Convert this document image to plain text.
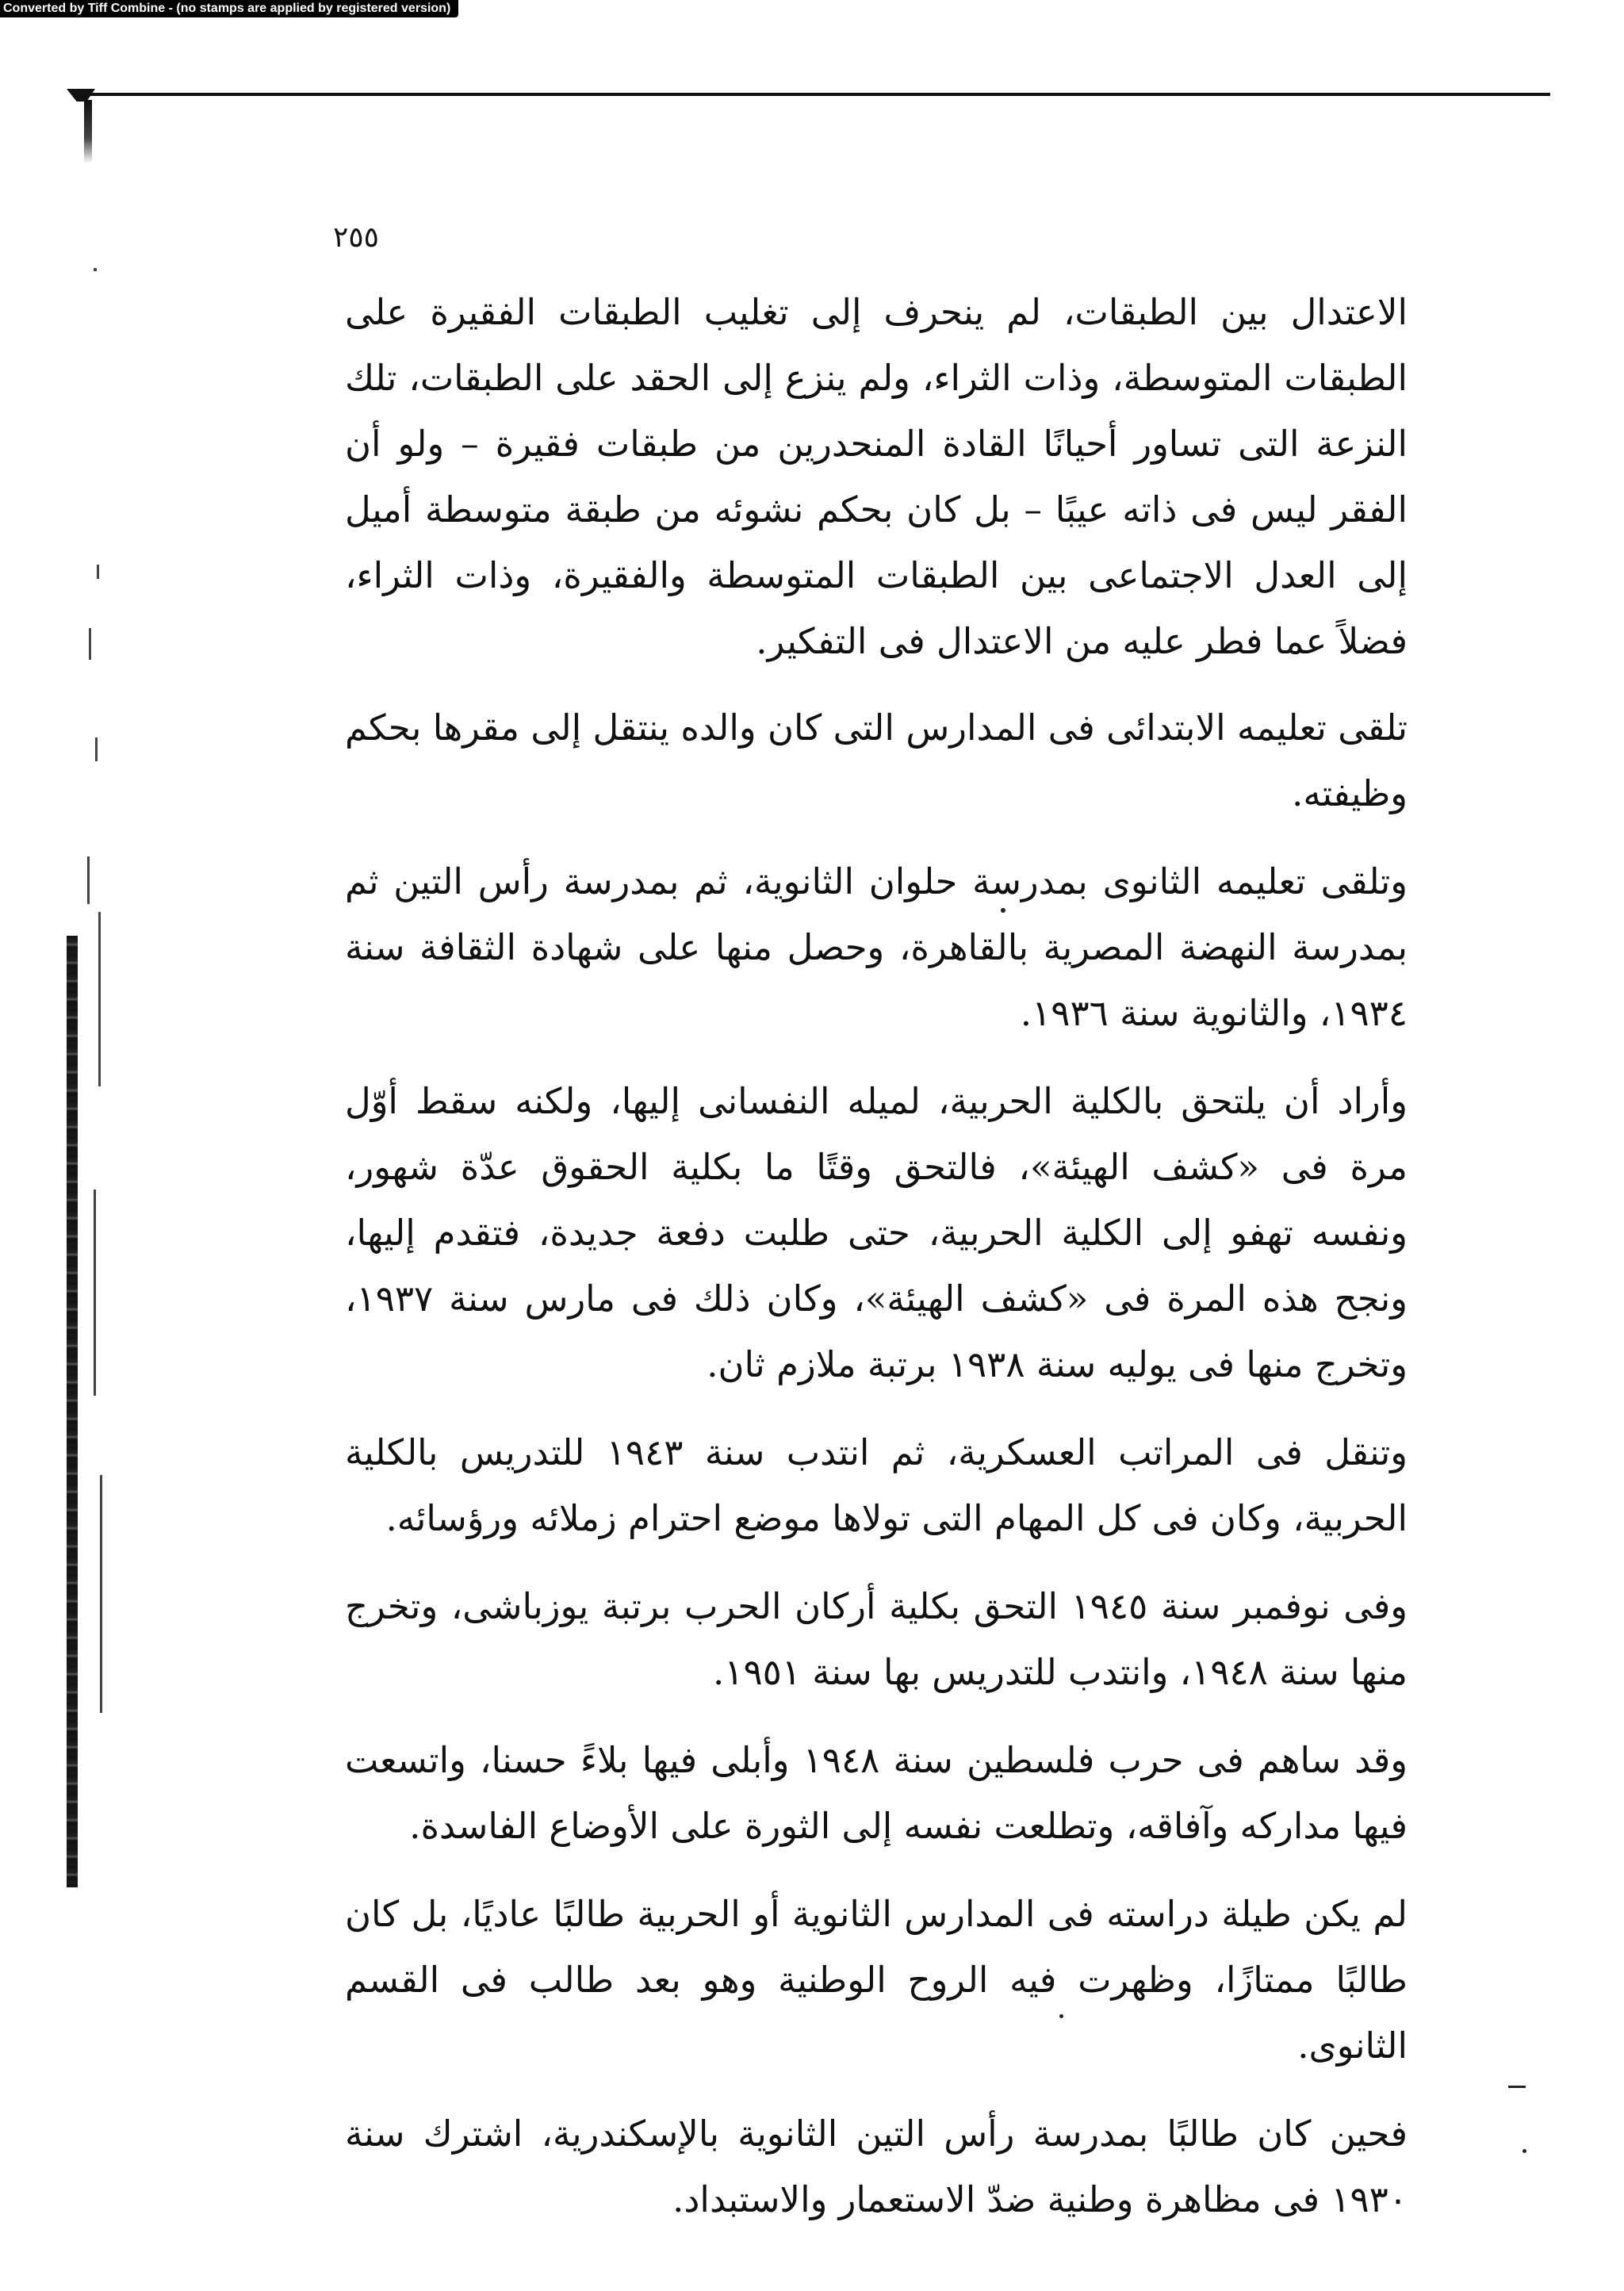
Converted by Tiff Combine - (no stamps are applied by registered version)
٢٥٥

الاعتدال بين الطبقات، لم ينحرف إلى تغليب الطبقات الفقيرة على الطبقات المتوسطة، وذات الثراء، ولم ينزع إلى الحقد على الطبقات، تلك النزعة التى تساور أحيانًا القادة المنحدرين من طبقات فقيرة – ولو أن الفقر ليس فى ذاته عيبًا – بل كان بحكم نشوئه من طبقة متوسطة أميل إلى العدل الاجتماعى بين الطبقات المتوسطة والفقيرة، وذات الثراء، فضلاً عما فطر عليه من الاعتدال فى التفكير.

تلقى تعليمه الابتدائى فى المدارس التى كان والده ينتقل إلى مقرها بحكم وظيفته.

وتلقى تعليمه الثانوى بمدرسة حلوان الثانوية، ثم بمدرسة رأس التين ثم بمدرسة النهضة المصرية بالقاهرة، وحصل منها على شهادة الثقافة سنة ١٩٣٤، والثانوية سنة ١٩٣٦.

وأراد أن يلتحق بالكلية الحربية، لميله النفسانى إليها، ولكنه سقط أوّل مرة فى «كشف الهيئة»، فالتحق وقتًا ما بكلية الحقوق عدّة شهور، ونفسه تهفو إلى الكلية الحربية، حتى طلبت دفعة جديدة، فتقدم إليها، ونجح هذه المرة فى «كشف الهيئة»، وكان ذلك فى مارس سنة ١٩٣٧، وتخرج منها فى يوليه سنة ١٩٣٨ برتبة ملازم ثان.

وتنقل فى المراتب العسكرية، ثم انتدب سنة ١٩٤٣ للتدريس بالكلية الحربية، وكان فى كل المهام التى تولاها موضع احترام زملائه ورؤسائه.

وفى نوفمبر سنة ١٩٤٥ التحق بكلية أركان الحرب برتبة يوزباشى، وتخرج منها سنة ١٩٤٨، وانتدب للتدريس بها سنة ١٩٥١.

وقد ساهم فى حرب فلسطين سنة ١٩٤٨ وأبلى فيها بلاءً حسنا، واتسعت فيها مداركه وآفاقه، وتطلعت نفسه إلى الثورة على الأوضاع الفاسدة.

لم يكن طيلة دراسته فى المدارس الثانوية أو الحربية طالبًا عاديًا، بل كان طالبًا ممتازًا، وظهرت فيه الروح الوطنية وهو بعد طالب فى القسم الثانوى.

فحين كان طالبًا بمدرسة رأس التين الثانوية بالإسكندرية، اشترك سنة ١٩٣٠ فى مظاهرة وطنية ضدّ الاستعمار والاستبداد.
